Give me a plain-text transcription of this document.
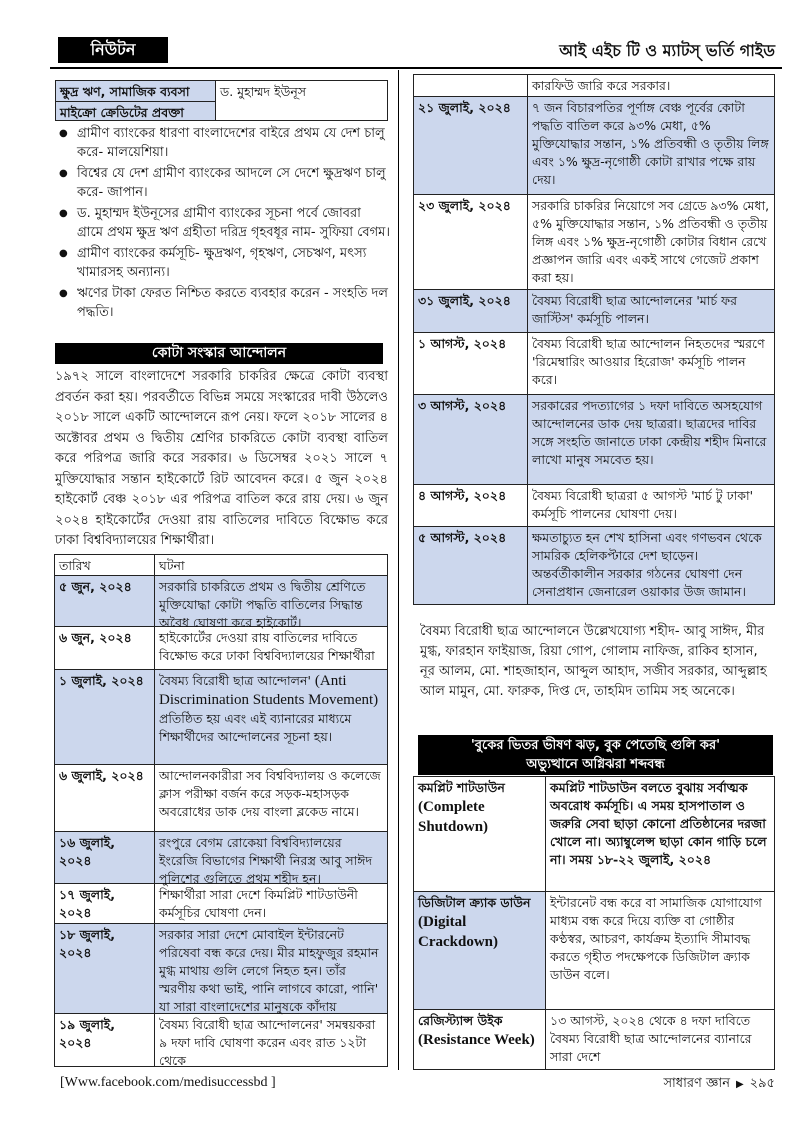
নিউটন	আই এইচ টি ও ম্যাটস্ ভর্তি গাইড
ক্ষুদ্র ঋণ, সামাজিক ব্যবসা	ড. মুহাম্মদ ইউনূস

মাইক্রো ক্রেডিটের প্রবক্তা
● গ্রামীণ ব্যাংকের ধারণা বাংলাদেশের বাইরে প্রথম যে দেশ চালু করে- মালয়েশিয়া।
● বিশ্বের যে দেশ গ্রামীণ ব্যাংকের আদলে সে দেশে ক্ষুদ্রঋণ চালু করে- জাপান।
● ড. মুহাম্মদ ইউনূসের গ্রামীণ ব্যাংকের সূচনা পর্বে জোবরা গ্রামে প্রথম ক্ষুদ্র ঋণ গ্রহীতা দরিদ্র গৃহবধূর নাম- সুফিয়া বেগম।
● গ্রামীণ ব্যাংকের কর্মসূচি- ক্ষুদ্রঋণ, গৃহঋণ, সেচঋণ, মৎস্য খামারসহ অন্যান্য।
● ঋণের টাকা ফেরত নিশ্চিত করতে ব্যবহার করেন - সংহতি দল পদ্ধতি।
কোটা সংস্কার আন্দোলন
১৯৭২ সালে বাংলাদেশে সরকারি চাকরির ক্ষেত্রে কোটা ব্যবস্থা প্রবর্তন করা হয়। পরবর্তীতে বিভিন্ন সময়ে সংস্কারের দাবী উঠলেও ২০১৮ সালে একটি আন্দোলনে রূপ নেয়। ফলে ২০১৮ সালের ৪ অক্টোবর প্রথম ও দ্বিতীয় শ্রেণির চাকরিতে কোটা ব্যবস্থা বাতিল করে পরিপত্র জারি করে সরকার। ৬ ডিসেম্বর ২০২১ সালে ৭ মুক্তিযোদ্ধার সন্তান হাইকোর্টে রিট আবেদন করে। ৫ জুন ২০২৪ হাইকোর্ট বেঞ্চ ২০১৮ এর পরিপত্র বাতিল করে রায় দেয়। ৬ জুন ২০২৪ হাইকোর্টের দেওয়া রায় বাতিলের দাবিতে বিক্ষোভ করে ঢাকা বিশ্ববিদ্যালয়ের শিক্ষার্থীরা।
তারিখ	ঘটনা

৫ জুন, ২০২৪	সরকারি চাকরিতে প্রথম ও দ্বিতীয় শ্রেণিতে মুক্তিযোদ্ধা কোটা পদ্ধতি বাতিলের সিদ্ধান্ত অবৈধ ঘোষণা করে হাইকোর্ট।

৬ জুন, ২০২৪	হাইকোর্টের দেওয়া রায় বাতিলের দাবিতে বিক্ষোভ করে ঢাকা বিশ্ববিদ্যালয়ের শিক্ষার্থীরা

১ জুলাই, ২০২৪	বৈষম্য বিরোধী ছাত্র আন্দোলন' (Anti Discrimination Students Movement) প্রতিষ্ঠিত হয় এবং এই ব্যানারের মাধ্যমে শিক্ষার্থীদের আন্দোলনের সূচনা হয়।

৬ জুলাই, ২০২৪	আন্দোলনকারীরা সব বিশ্ববিদ্যালয় ও কলেজে ক্লাস পরীক্ষা বর্জন করে সড়ক-মহাসড়ক অবরোধের ডাক দেয় বাংলা ব্লকেড নামে।

১৬ জুলাই, ২০২৪	রংপুরে বেগম রোকেয়া বিশ্ববিদ্যালয়ের ইংরেজি বিভাগের শিক্ষার্থী নিরস্ত্র আবু সাঈদ পুলিশের গুলিতে প্রথম শহীদ হন।

১৭ জুলাই, ২০২৪	শিক্ষার্থীরা সারা দেশে কিমপ্লিট শাটডাউনী কর্মসূচির ঘোষণা দেন।

১৮ জুলাই, ২০২৪	সরকার সারা দেশে মোবাইল ইন্টারনেট পরিষেবা বন্ধ করে দেয়। মীর মাহফুজুর রহমান মুগ্ধ মাথায় গুলি লেগে নিহত হন। তাঁর স্মরণীয় কথা ভাই, পানি লাগবে কারো, পানি' যা সারা বাংলাদেশের মানুষকে কাঁদায়

১৯ জুলাই, ২০২৪	বৈষম্য বিরোধী ছাত্র আন্দোলনের' সমন্বয়করা ৯ দফা দাবি ঘোষণা করেন এবং রাত ১২টা থেকে

	কারফিউ জারি করে সরকার।

২১ জুলাই, ২০২৪	৭ জন বিচারপতির পূর্ণাঙ্গ বেঞ্চ পূর্বের কোটা পদ্ধতি বাতিল করে ৯৩% মেধা, ৫% মুক্তিযোদ্ধার সন্তান, ১% প্রতিবন্ধী ও তৃতীয় লিঙ্গ এবং ১% ক্ষুদ্র-নৃগোষ্ঠী কোটা রাখার পক্ষে রায় দেয়।

২৩ জুলাই, ২০২৪	সরকারি চাকরির নিয়োগে সব গ্রেডে ৯৩% মেধা, ৫% মুক্তিযোদ্ধার সন্তান, ১% প্রতিবন্ধী ও তৃতীয় লিঙ্গ এবং ১% ক্ষুদ্র-নৃগোষ্ঠী কোটার বিধান রেখে প্রজ্ঞাপন জারি এবং একই সাথে গেজেট প্রকাশ করা হয়।

৩১ জুলাই, ২০২৪	বৈষম্য বিরোধী ছাত্র আন্দোলনের 'মার্চ ফর জাস্টিস' কর্মসূচি পালন।

১ আগস্ট, ২০২৪	বৈষম্য বিরোধী ছাত্র আন্দোলন নিহতদের স্মরণে 'রিমেম্বারিং আওয়ার হিরোজ' কর্মসূচি পালন করে।

৩ আগস্ট, ২০২৪	সরকারের পদত্যাগের ১ দফা দাবিতে অসহযোগ আন্দোলনের ডাক দেয় ছাত্ররা। ছাত্রদের দাবির সঙ্গে সংহতি জানাতে ঢাকা কেন্দ্রীয় শহীদ মিনারে লাখো মানুষ সমবেত হয়।

৪ আগস্ট, ২০২৪	বৈষম্য বিরোধী ছাত্ররা ৫ আগস্ট 'মার্চ টু ঢাকা' কর্মসূচি পালনের ঘোষণা দেয়।

৫ আগস্ট, ২০২৪	ক্ষমতাচ্যুত হন শেখ হাসিনা এবং গণভবন থেকে সামরিক হেলিকপ্টারে দেশ ছাড়েন। অন্তর্বর্তীকালীন সরকার গঠনের ঘোষণা দেন সেনাপ্রধান জেনারেল ওয়াকার উজ জামান।
বৈষম্য বিরোধী ছাত্র আন্দোলনে উল্লেখযোগ্য শহীদ- আবু সাঈদ, মীর মুগ্ধ, ফারহান ফাইয়াজ, রিয়া গোপ, গোলাম নাফিজ, রাকিব হাসান, নূর আলম, মো. শাহজাহান, আব্দুল আহাদ, সজীব সরকার, আব্দুল্লাহ আল মামুন, মো. ফারুক, দিপ্ত দে, তাহমিদ তামিম সহ অনেকে।
'বুকের ভিতর ভীষণ ঝড়, বুক পেতেছি গুলি কর'
অভ্যুত্থানে অগ্নিঝরা শব্দবন্ধ
কমপ্লিট শাটডাউন
(Complete Shutdown)	কমপ্লিট শাটডাউন বলতে বুঝায় সর্বাত্মক অবরোধ কর্মসূচি। এ সময় হাসপাতাল ও জরুরি সেবা ছাড়া কোনো প্রতিষ্ঠানের দরজা খোলে না। অ্যাম্বুলেন্স ছাড়া কোন গাড়ি চলে না। সময় ১৮-২২ জুলাই, ২০২৪

ডিজিটাল ক্র্যাক ডাউন
(Digital Crackdown)	ইন্টারনেট বন্ধ করে বা সামাজিক যোগাযোগ মাধ্যম বন্ধ করে দিয়ে ব্যক্তি বা গোষ্ঠীর কণ্ঠস্বর, আচরণ, কার্যক্রম ইত্যাদি সীমাবদ্ধ করতে গৃহীত পদক্ষেপকে ডিজিটাল ক্র্যাক ডাউন বলে।

রেজিস্ট্যান্স উইক
(Resistance Week)	১৩ আগস্ট, ২০২৪ থেকে ৪ দফা দাবিতে বৈষম্য বিরোধী ছাত্র আন্দোলনের ব্যানারে সারা দেশে
[Www.facebook.com/medisuccessbd ]	সাধারণ জ্ঞান ▶ ২৯৫
